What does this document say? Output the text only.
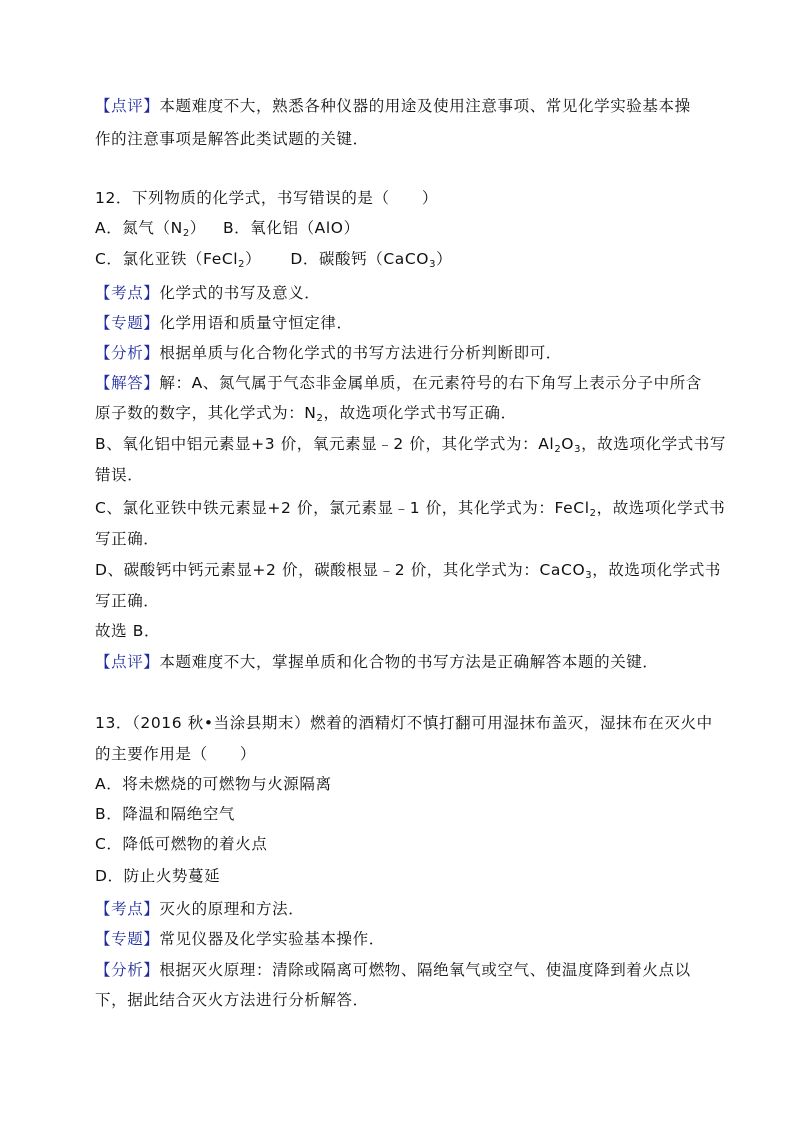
【点评】本题难度不大，熟悉各种仪器的用途及使用注意事项、常见化学实验基本操
作的注意事项是解答此类试题的关键．
12．下列物质的化学式，书写错误的是（　　）
A．氮气$(N_2)$ B．氧化铝（AlO）
C．氯化亚铁（FeCl$_2$） D．碳酸钙（CaCO$_3$）
【考点】化学式的书写及意义．
【专题】化学用语和质量守恒定律．
【分析】根据单质与化合物化学式的书写方法进行分析判断即可．
【解答】解：A、氮气属于气态非金属单质，在元素符号的右下角写上表示分子中所含
原子数的数字，其化学式为：$N_2$，故选项化学式书写正确．
B、氧化铝中铝元素显+3 价，氧元素显﹣2 价，其化学式为：$Al_2O_3$，故选项化学式书写
错误．
C、氯化亚铁中铁元素显+2 价，氯元素显﹣1 价，其化学式为：FeCl$_2$，故选项化学式书
写正确．
D、碳酸钙中钙元素显+2 价，碳酸根显﹣2 价，其化学式为：CaCO$_3$，故选项化学式书
写正确．
故选 B．
【点评】本题难度不大，掌握单质和化合物的书写方法是正确解答本题的关键．
13．（2016 秋•当涂县期末）燃着的酒精灯不慎打翻可用湿抹布盖灭，湿抹布在灭火中
的主要作用是（　　）
A．将未燃烧的可燃物与火源隔离
B．降温和隔绝空气
C．降低可燃物的着火点
D．防止火势蔓延
【考点】灭火的原理和方法．
【专题】常见仪器及化学实验基本操作．
【分析】根据灭火原理：清除或隔离可燃物、隔绝氧气或空气、使温度降到着火点以
下，据此结合灭火方法进行分析解答．
